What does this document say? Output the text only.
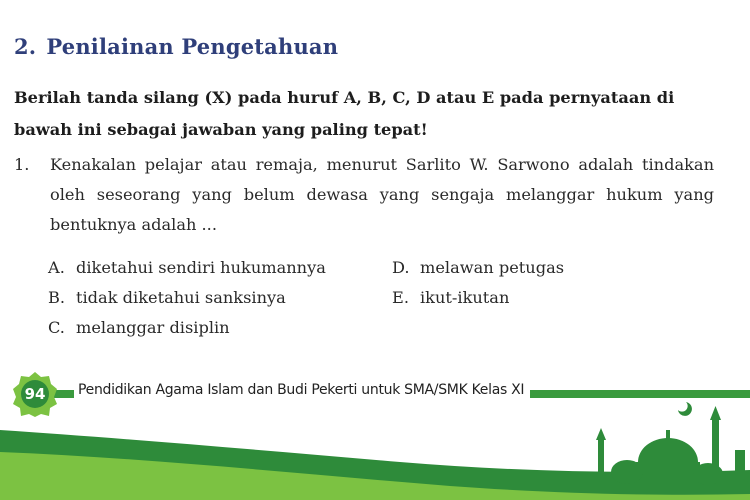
2. Penilainan Pengetahuan
Berilah tanda silang (X) pada huruf A, B, C, D atau E pada pernyataan di bawah ini sebagai jawaban yang paling tepat!
1. Kenakalan pelajar atau remaja, menurut Sarlito W. Sarwono adalah tindakan oleh seseorang yang belum dewasa yang sengaja melanggar hukum yang bentuknya adalah ...
A. diketahui sendiri hukumannya
B. tidak diketahui sanksinya
C. melanggar disiplin
D. melawan petugas
E. ikut-ikutan
94	Pendidikan Agama Islam dan Budi Pekerti untuk SMA/SMK Kelas XI
